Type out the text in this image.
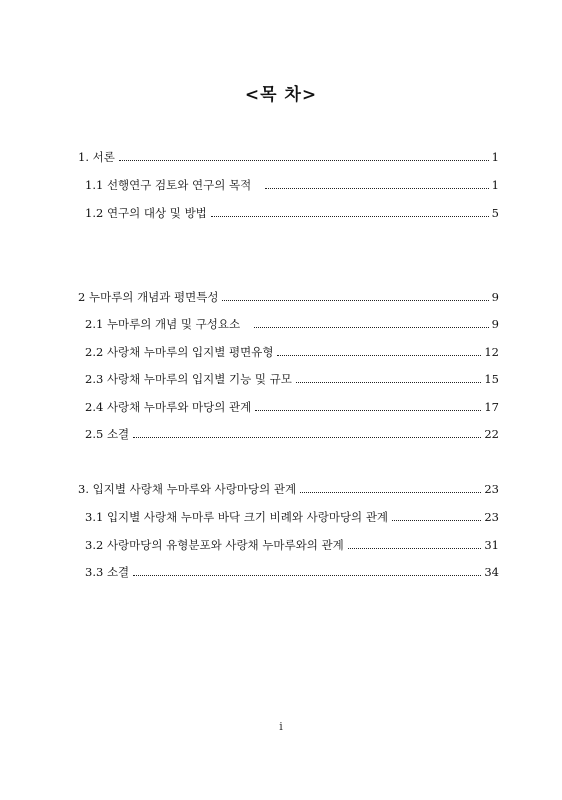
<목 차>
1. 서론	1
1.1 선행연구 검토와 연구의 목적	1
1.2 연구의 대상 및 방법	5
2 누마루의 개념과 평면특성	9
2.1 누마루의 개념 및 구성요소	9
2.2 사랑채 누마루의 입지별 평면유형	12
2.3 사랑채 누마루의 입지별 기능 및 규모	15
2.4 사랑채 누마루와 마당의 관계	17
2.5 소결	22
3. 입지별 사랑채 누마루와 사랑마당의 관계	23
3.1 입지별 사랑채 누마루 바닥 크기 비례와 사랑마당의 관계	23
3.2 사랑마당의 유형분포와 사랑채 누마루와의 관계	31
3.3 소결	34
i
